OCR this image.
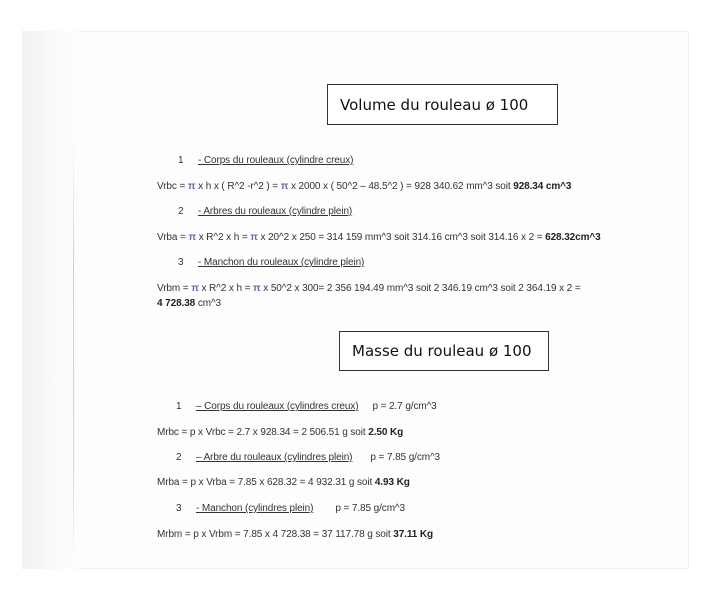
Volume du rouleau ø 100
1 - Corps du rouleaux (cylindre creux)
Vrbc = π x h x ( R^2 -r^2 ) = π x 2000 x ( 50^2 – 48.5^2 ) = 928 340.62 mm^3 soit 928.34 cm^3
2 - Arbres du rouleaux (cylindre plein)
Vrba = π x R^2 x h = π x 20^2 x 250 = 314 159 mm^3 soit 314.16 cm^3 soit 314.16 x 2 = 628.32cm^3
3 - Manchon du rouleaux (cylindre plein)
Vrbm = π x R^2 x h = π x 50^2 x 300= 2 356 194.49 mm^3 soit 2 346.19 cm^3 soit 2 364.19 x 2 =
4 728.38 cm^3
Masse du rouleau ø 100
1 – Corps du rouleaux (cylindres creux) p = 2.7 g/cm^3
Mrbc = p x Vrbc = 2.7 x 928.34 = 2 506.51 g soit 2.50 Kg
2 – Arbre du rouleaux (cylindres plein) p = 7.85 g/cm^3
Mrba = p x Vrba = 7.85 x 628.32 = 4 932.31 g soit 4.93 Kg
3 - Manchon (cylindres plein) p = 7.85 g/cm^3
Mrbm = p x Vrbm = 7.85 x 4 728.38 = 37 117.78 g soit 37.11 Kg
